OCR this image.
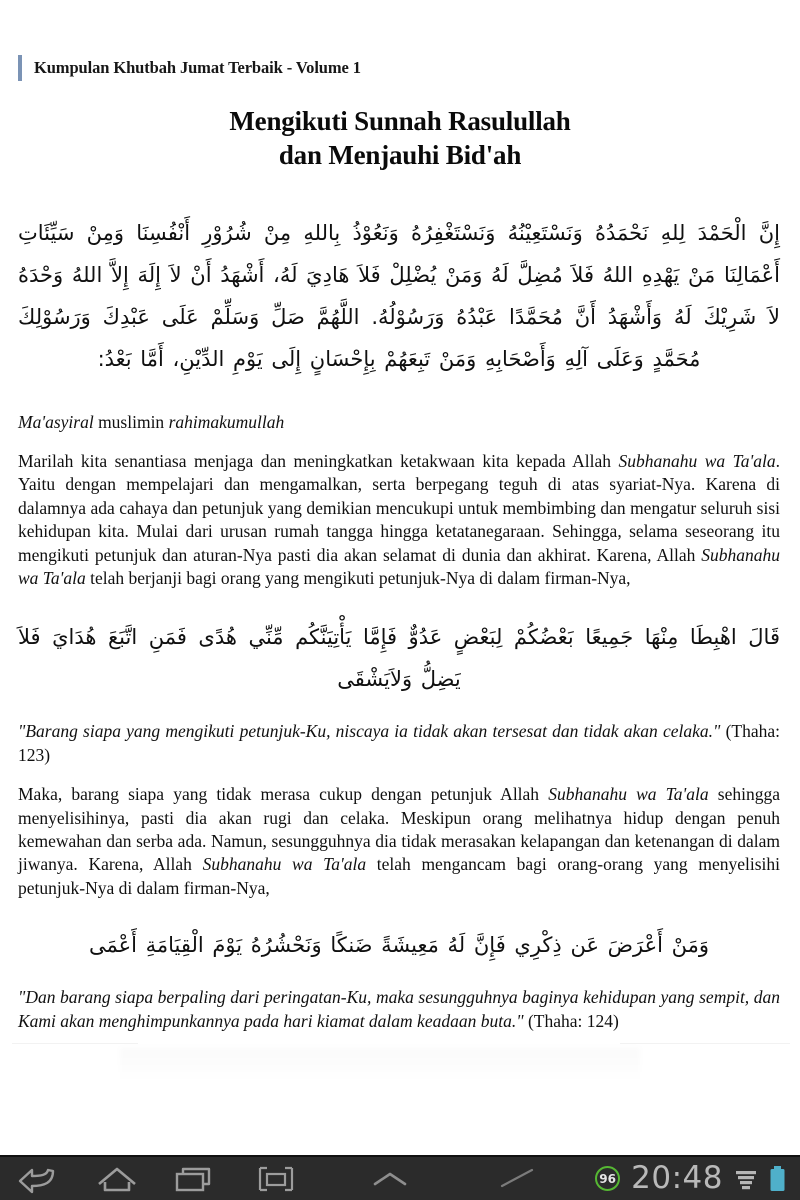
Kumpulan Khutbah Jumat Terbaik - Volume 1
Mengikuti Sunnah Rasulullah
dan Menjauhi Bid'ah
إِنَّ الْحَمْدَ لِلهِ نَحْمَدُهُ وَنَسْتَعِيْنُهُ وَنَسْتَغْفِرُهُ وَنَعُوْذُ بِاللهِ مِنْ شُرُوْرِ أَنْفُسِنَا وَمِنْ سَيِّئَاتِ أَعْمَالِنَا مَنْ يَهْدِهِ اللهُ فَلاَ مُضِلَّ لَهُ وَمَنْ يُضْلِلْ فَلاَ هَادِيَ لَهُ، أَشْهَدُ أَنْ لاَ إِلَهَ إِلاَّ اللهُ وَحْدَهُ لاَ شَرِيْكَ لَهُ وَأَشْهَدُ أَنَّ مُحَمَّدًا عَبْدُهُ وَرَسُوْلُهُ. اللَّهُمَّ صَلِّ وَسَلِّمْ عَلَى عَبْدِكَ وَرَسُوْلِكَ مُحَمَّدٍ وَعَلَى آلِهِ وَأَصْحَابِهِ وَمَنْ تَبِعَهُمْ بِإِحْسَانٍ إِلَى يَوْمِ الدِّيْنِ، أَمَّا بَعْدُ:
Ma'asyiral muslimin rahimakumullah

Marilah kita senantiasa menjaga dan meningkatkan ketakwaan kita kepada Allah Subhanahu wa Ta'ala. Yaitu dengan mempelajari dan mengamalkan, serta berpegang teguh di atas syariat-Nya. Karena di dalamnya ada cahaya dan petunjuk yang demikian mencukupi untuk membimbing dan mengatur seluruh sisi kehidupan kita. Mulai dari urusan rumah tangga hingga ketatanegaraan. Sehingga, selama seseorang itu mengikuti petunjuk dan aturan-Nya pasti dia akan selamat di dunia dan akhirat. Karena, Allah Subhanahu wa Ta'ala telah berjanji bagi orang yang mengikuti petunjuk-Nya di dalam firman-Nya,

قَالَ اهْبِطَا مِنْهَا جَمِيعًا بَعْضُكُمْ لِبَعْضٍ عَدُوٌّ فَإِمَّا يَأْتِيَنَّكُم مِّنِّي هُدًى فَمَنِ اتَّبَعَ هُدَايَ فَلاَ يَضِلُّ وَلاَيَشْقَى

"Barang siapa yang mengikuti petunjuk-Ku, niscaya ia tidak akan tersesat dan tidak akan celaka." (Thaha: 123)

Maka, barang siapa yang tidak merasa cukup dengan petunjuk Allah Subhanahu wa Ta'ala sehingga menyelisihinya, pasti dia akan rugi dan celaka. Meskipun orang melihatnya hidup dengan penuh kemewahan dan serba ada. Namun, sesungguhnya dia tidak merasakan kelapangan dan ketenangan di dalam jiwanya. Karena, Allah Subhanahu wa Ta'ala telah mengancam bagi orang-orang yang menyelisihi petunjuk-Nya di dalam firman-Nya,

وَمَنْ أَعْرَضَ عَن ذِكْرِي فَإِنَّ لَهُ مَعِيشَةً ضَنكًا وَنَحْشُرُهُ يَوْمَ الْقِيَامَةِ أَعْمَى

"Dan barang siapa berpaling dari peringatan-Ku, maka sesungguhnya baginya kehidupan yang sempit, dan Kami akan menghimpunkannya pada hari kiamat dalam keadaan buta." (Thaha: 124)

96 20:48
